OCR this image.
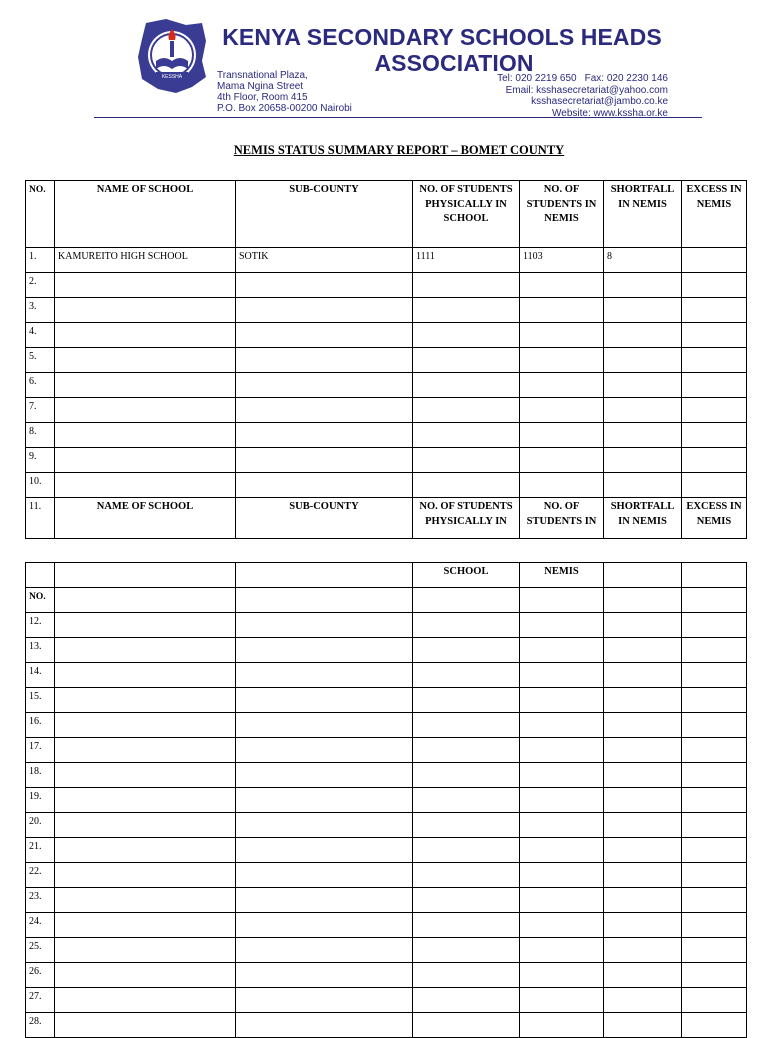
KESSHA
KENYA SECONDARY SCHOOLS HEADS
ASSOCIATION
Transnational Plaza,
Mama Ngina Street
4th Floor, Room 415
P.O. Box 20658-00200 Nairobi
Tel: 020 2219 650 Fax: 020 2230 146
Email: ksshasecretariat@yahoo.com
ksshasecretariat@jambo.co.ke
Website: www.kssha.or.ke
NEMIS STATUS SUMMARY REPORT – BOMET COUNTY
NO.	NAME OF SCHOOL	SUB-COUNTY	NO. OF STUDENTS PHYSICALLY IN SCHOOL	NO. OF STUDENTS IN NEMIS	SHORTFALL IN NEMIS	EXCESS IN NEMIS
1.	KAMUREITO HIGH SCHOOL	SOTIK	1111	1103	8	
2.						
3.						
4.						
5.						
6.						
7.						
8.						
9.						
10.						
11.	NAME OF SCHOOL	SUB-COUNTY	NO. OF STUDENTS PHYSICALLY IN	NO. OF STUDENTS IN	SHORTFALL IN NEMIS	EXCESS IN NEMIS
			SCHOOL	NEMIS		
NO.						
12.						
13.						
14.						
15.						
16.						
17.						
18.						
19.						
20.						
21.						
22.						
23.						
24.						
25.						
26.						
27.						
28.						
